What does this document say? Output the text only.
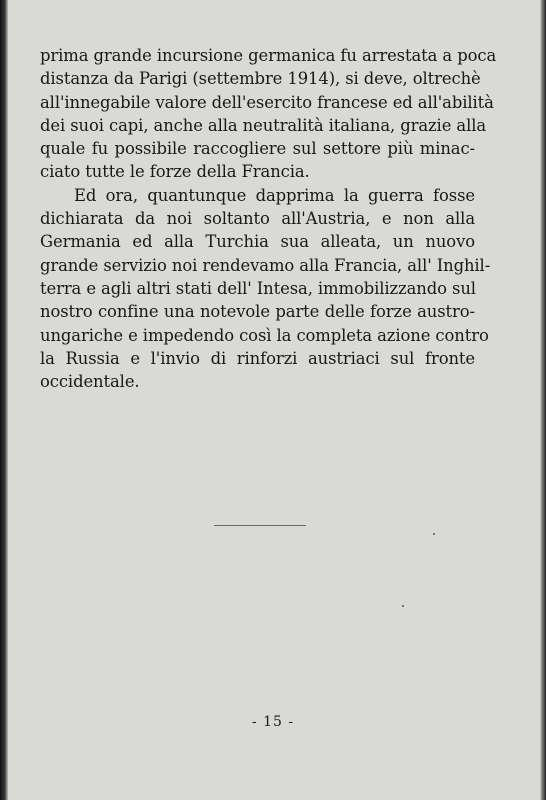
prima grande incursione germanica fu arrestata a poca
distanza da Parigi (settembre 1914), si deve, oltrechè
all'innegabile valore dell'esercito francese ed all'abilità
dei suoi capi, anche alla neutralità italiana, grazie alla
quale fu possibile raccogliere sul settore più minac-
ciato tutte le forze della Francia.

Ed ora, quantunque dapprima la guerra fosse
dichiarata da noi soltanto all'Austria, e non alla
Germania ed alla Turchia sua alleata, un nuovo
grande servizio noi rendevamo alla Francia, all' Inghil-
terra e agli altri stati dell' Intesa, immobilizzando sul
nostro confine una notevole parte delle forze austro-
ungariche e impedendo così la completa azione contro
la Russia e l'invio di rinforzi austriaci sul fronte
occidentale.

- 15 -
